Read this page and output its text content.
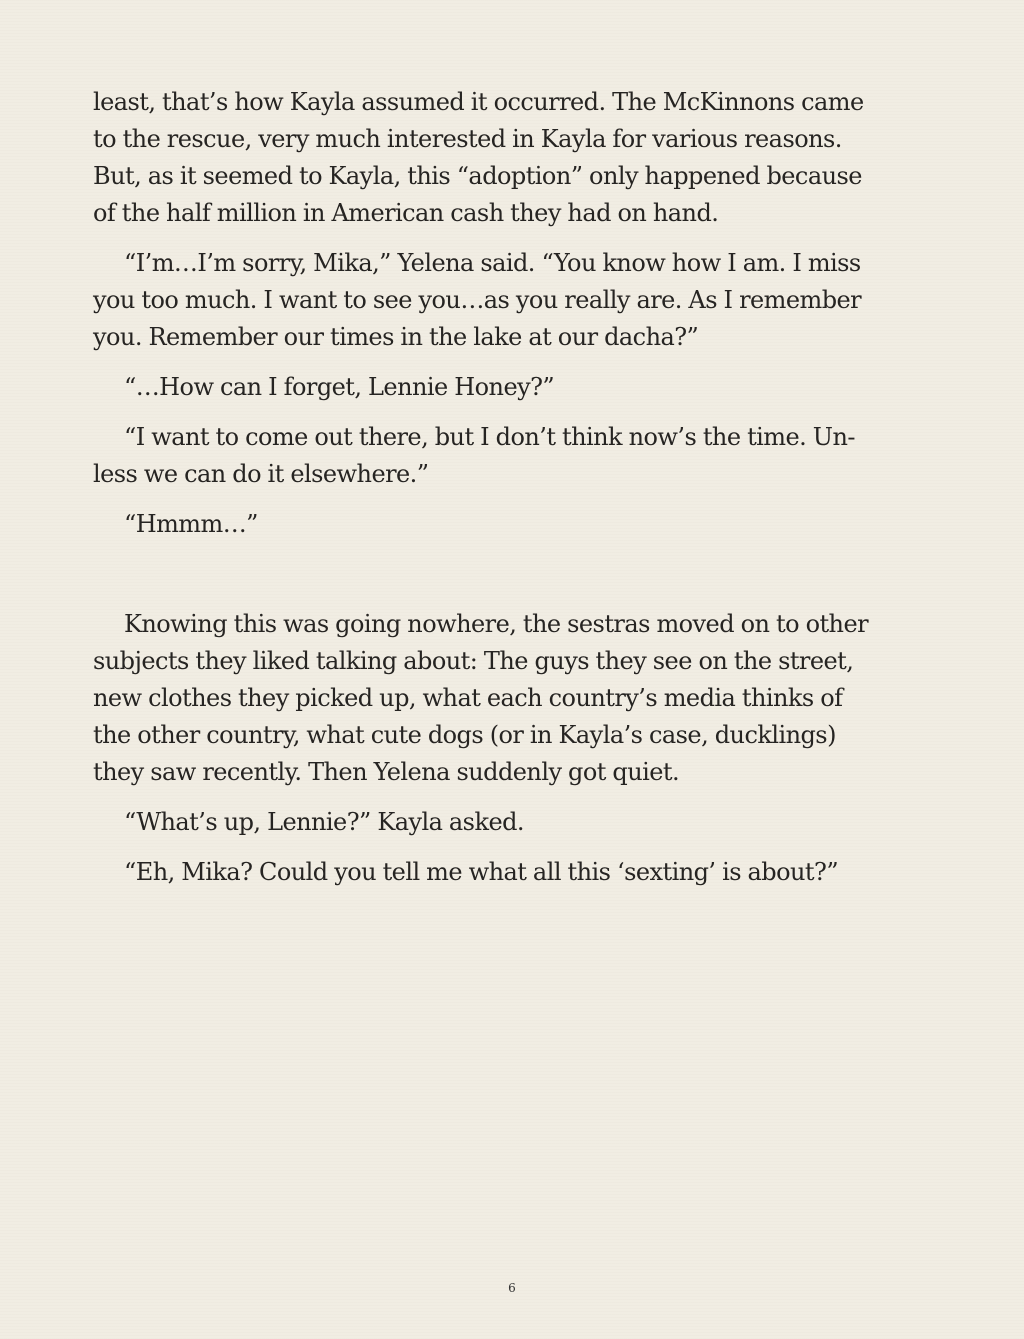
least, that’s how Kayla assumed it occurred. The McKinnons came

to the rescue, very much interested in Kayla for various reasons.

But, as it seemed to Kayla, this “adoption” only happened because

of the half million in American cash they had on hand.

“I’m…I’m sorry, Mika,” Yelena said. “You know how I am. I miss

you too much. I want to see you…as you really are. As I remember

you. Remember our times in the lake at our dacha?”

“…How can I forget, Lennie Honey?”

“I want to come out there, but I don’t think now’s the time. Un-

less we can do it elsewhere.”

“Hmmm…”

Knowing this was going nowhere, the sestras moved on to other

subjects they liked talking about: The guys they see on the street,

new clothes they picked up, what each country’s media thinks of

the other country, what cute dogs (or in Kayla’s case, ducklings)

they saw recently. Then Yelena suddenly got quiet.

“What’s up, Lennie?” Kayla asked.

“Eh, Mika? Could you tell me what all this ‘sexting’ is about?”

6
